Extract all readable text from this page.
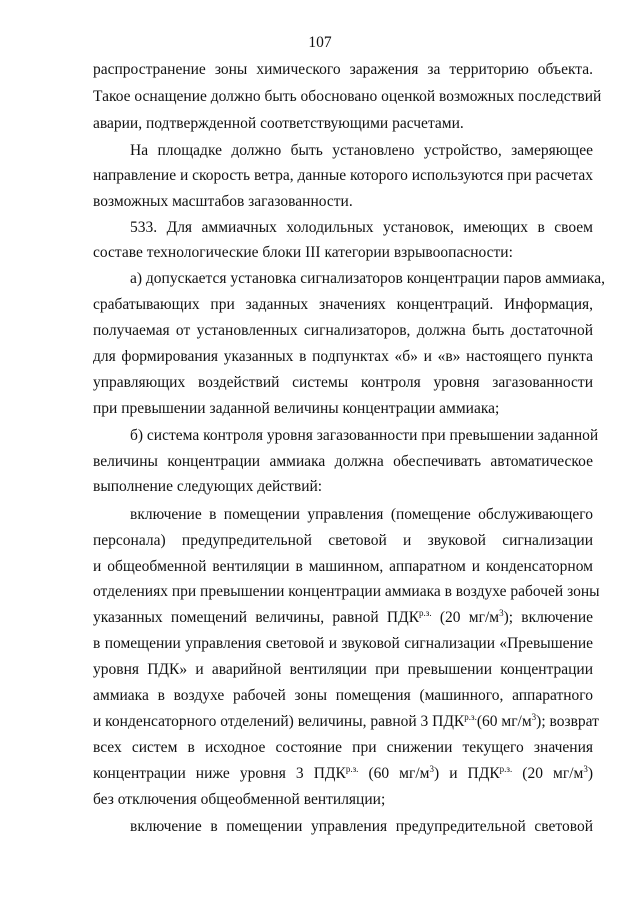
107
распространение зоны химического заражения за территорию объекта.
Такое оснащение должно быть обосновано оценкой возможных последствий
аварии, подтвержденной соответствующими расчетами.
На площадке должно быть установлено устройство, замеряющее
направление и скорость ветра, данные которого используются при расчетах
возможных масштабов загазованности.
533. Для аммиачных холодильных установок, имеющих в своем
составе технологические блоки III категории взрывоопасности:
а) допускается установка сигнализаторов концентрации паров аммиака,
срабатывающих при заданных значениях концентраций. Информация,
получаемая от установленных сигнализаторов, должна быть достаточной
для формирования указанных в подпунктах «б» и «в» настоящего пункта
управляющих воздействий системы контроля уровня загазованности
при превышении заданной величины концентрации аммиака;
б) система контроля уровня загазованности при превышении заданной
величины концентрации аммиака должна обеспечивать автоматическое
выполнение следующих действий:
включение в помещении управления (помещение обслуживающего
персонала) предупредительной световой и звуковой сигнализации
и общеобменной вентиляции в машинном, аппаратном и конденсаторном
отделениях при превышении концентрации аммиака в воздухе рабочей зоны
указанных помещений величины, равной $ПДК^{р.з.}$ (20 $мг/м^3$); включение
в помещении управления световой и звуковой сигнализации «Превышение
уровня ПДК» и аварийной вентиляции при превышении концентрации
аммиака в воздухе рабочей зоны помещения (машинного, аппаратного
и конденсаторного отделений) величины, равной 3 $ПДК^{р.з.}(60$ $мг/м^3$); возврат
всех систем в исходное состояние при снижении текущего значения
концентрации ниже уровня 3 $ПДК^{р.з.}$ (60 $мг/м^3$) и $ПДК^{р.з.}$ (20 $мг/м^3$)
без отключения общеобменной вентиляции;
включение в помещении управления предупредительной световой
